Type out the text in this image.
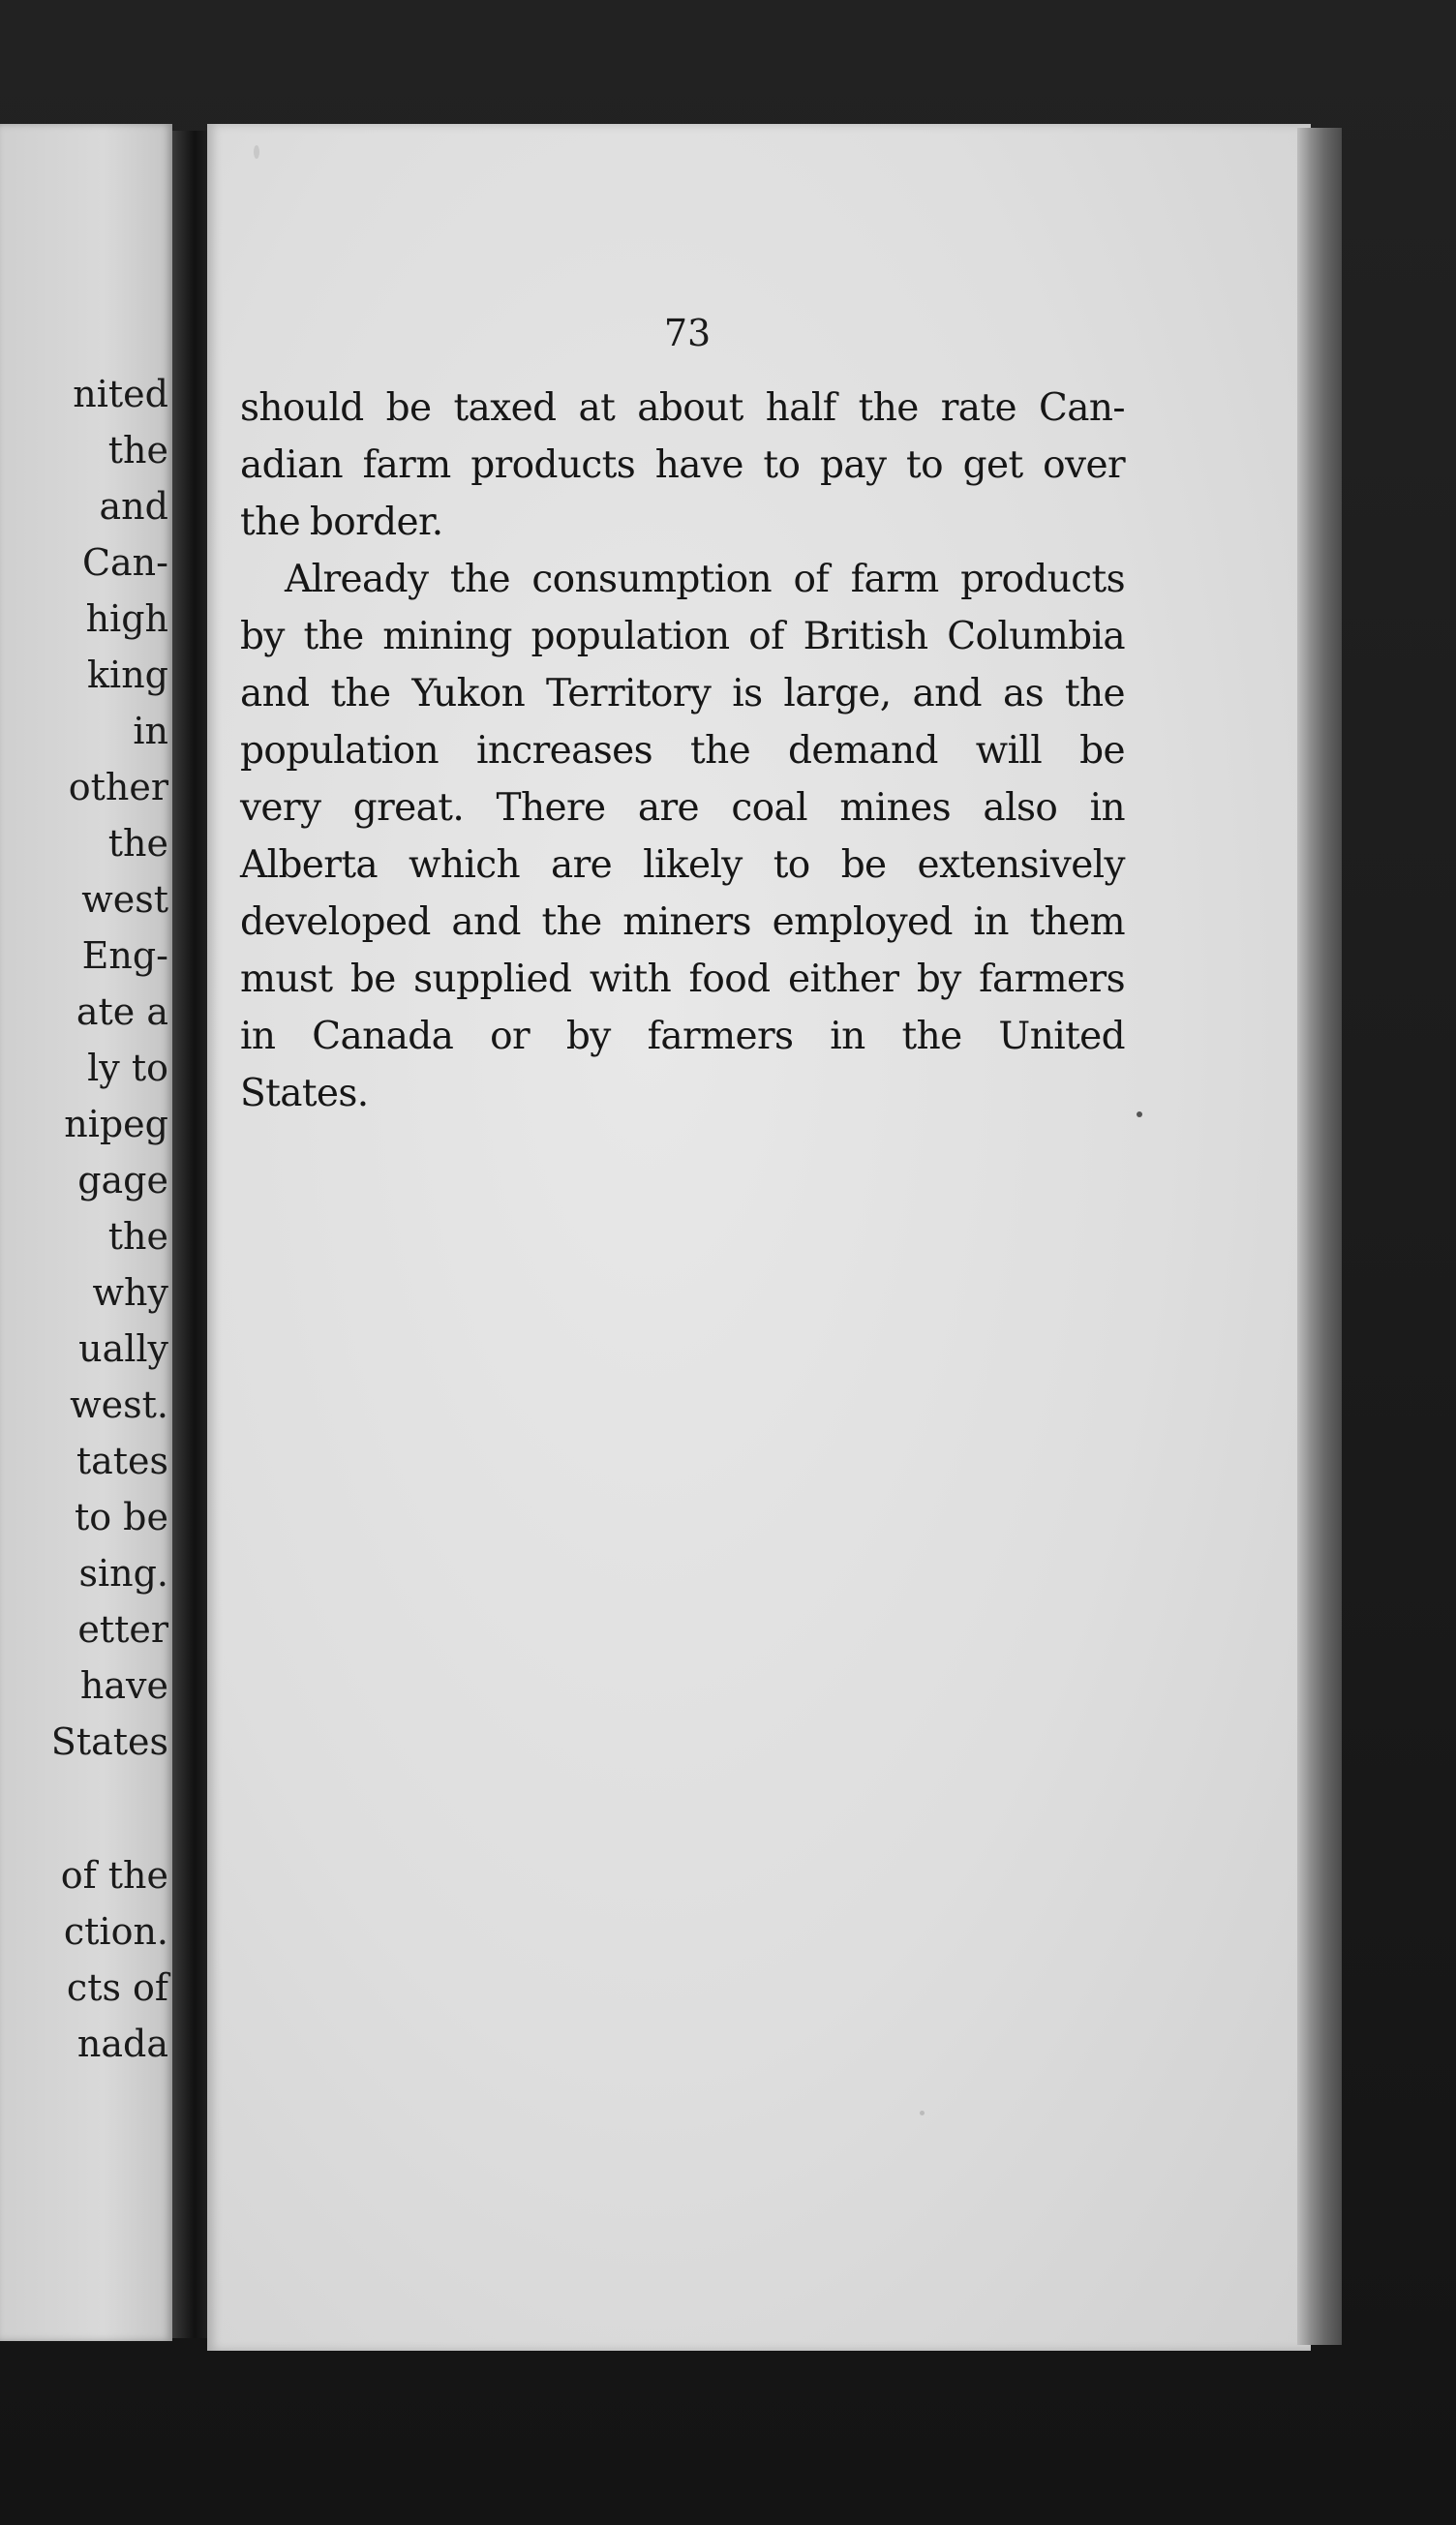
nited
the
and
Can-
high
king
in
other
the
west
Eng-
ate a
ly to
nipeg
gage
the
why
ually
west.
tates
to be
sing.
etter
have
States
of the
ction.
cts of
nada
73
should be taxed at about half the rate Can-
adian farm products have to pay to get over
the border.
Already the consumption of farm products
by the mining population of British Columbia
and the Yukon Territory is large, and as the
population increases the demand will be
very great. There are coal mines also in
Alberta which are likely to be extensively
developed and the miners employed in them
must be supplied with food either by farmers
in Canada or by farmers in the United
States.
